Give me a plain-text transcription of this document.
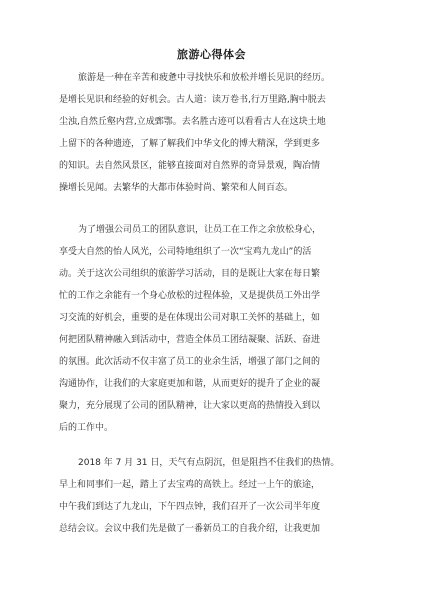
旅游心得体会
旅游是一种在辛苦和疲惫中寻找快乐和放松并增长见识的经历。
是增长见识和经验的好机会。古人道：读万卷书,行万里路,胸中脱去
尘浊,自然丘壑内营,立成鄄鄂。去名胜古迹可以看看古人在这块土地
上留下的各种遗迹，了解了解我们中华文化的博大精深，学到更多
的知识。去自然风景区，能够直接面对自然界的奇异景观，陶冶情
操增长见闻。去繁华的大都市体验时尚、繁荣和人间百态。
为了增强公司员工的团队意识，让员工在工作之余放松身心，
享受大自然的怡人风光，公司特地组织了一次“宝鸡九龙山”的活
动。关于这次公司组织的旅游学习活动，目的是既让大家在每日繁
忙的工作之余能有一个身心放松的过程体验，又是提供员工外出学
习交流的好机会，重要的是在体现出公司对职工关怀的基础上，如
何把团队精神融入到活动中，营造全体员工团结凝聚、活跃、奋进
的氛围。此次活动不仅丰富了员工的业余生活，增强了部门之间的
沟通协作，让我们的大家庭更加和谐，从而更好的提升了企业的凝
聚力，充分展现了公司的团队精神，让大家以更高的热情投入到以
后的工作中。
2018 年 7 月 31 日，天气有点阴沉，但是阻挡不住我们的热情。
早上和同事们一起，踏上了去宝鸡的高铁上。经过一上午的旅途，
中午我们到达了九龙山，下午四点钟，我们召开了一次公司半年度
总结会议。会议中我们先是做了一番新员工的自我介绍，让我更加
